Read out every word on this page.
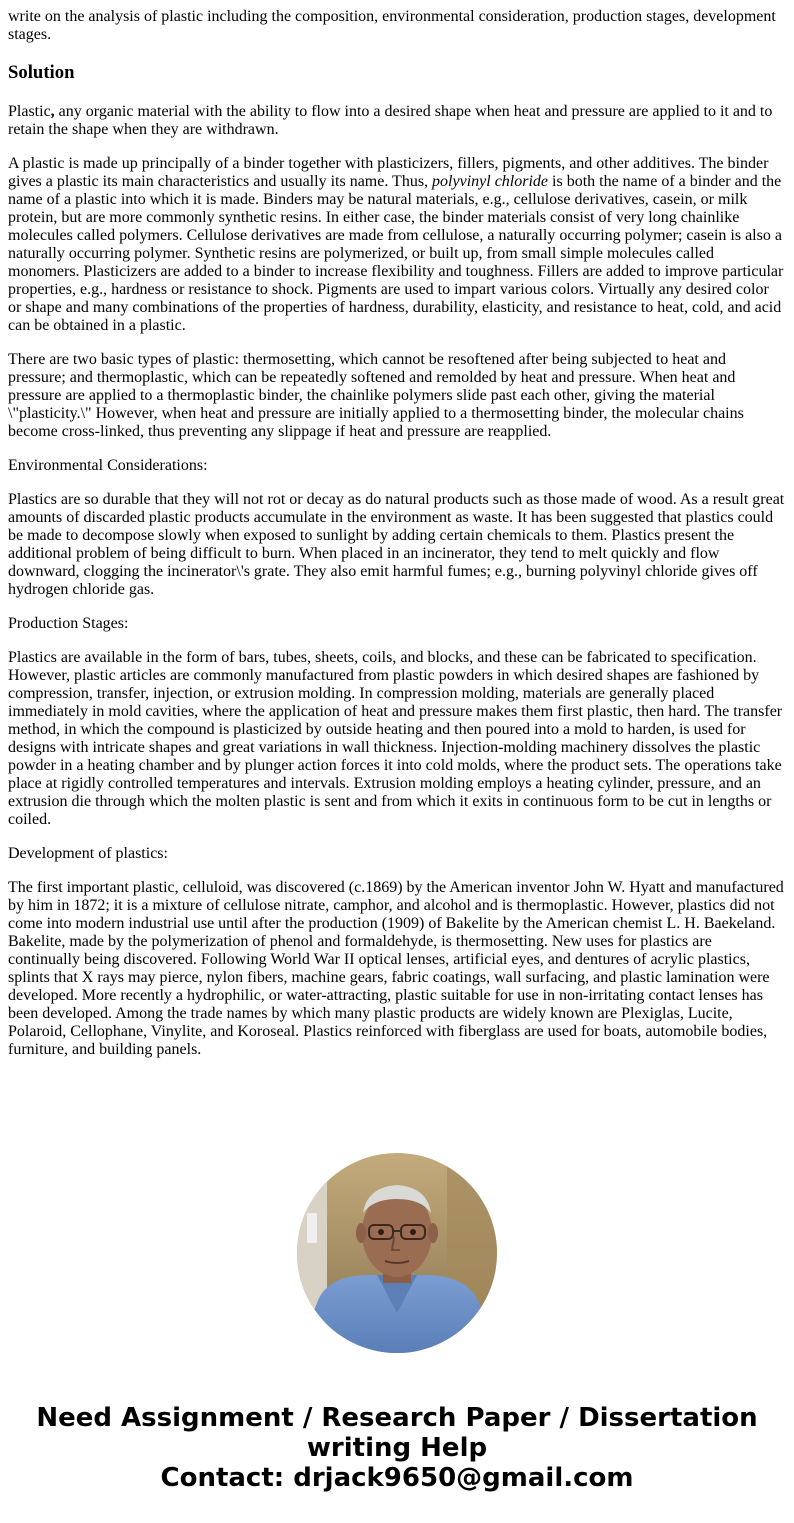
write on the analysis of plastic including the composition, environmental consideration, production stages, development stages.

Solution

Plastic, any organic material with the ability to flow into a desired shape when heat and pressure are applied to it and to retain the shape when they are withdrawn.

A plastic is made up principally of a binder together with plasticizers, fillers, pigments, and other additives. The binder gives a plastic its main characteristics and usually its name. Thus, polyvinyl chloride is both the name of a binder and the name of a plastic into which it is made. Binders may be natural materials, e.g., cellulose derivatives, casein, or milk protein, but are more commonly synthetic resins. In either case, the binder materials consist of very long chainlike molecules called polymers. Cellulose derivatives are made from cellulose, a naturally occurring polymer; casein is also a naturally occurring polymer. Synthetic resins are polymerized, or built up, from small simple molecules called monomers. Plasticizers are added to a binder to increase flexibility and toughness. Fillers are added to improve particular properties, e.g., hardness or resistance to shock. Pigments are used to impart various colors. Virtually any desired color or shape and many combinations of the properties of hardness, durability, elasticity, and resistance to heat, cold, and acid can be obtained in a plastic.

There are two basic types of plastic: thermosetting, which cannot be resoftened after being subjected to heat and pressure; and thermoplastic, which can be repeatedly softened and remolded by heat and pressure. When heat and pressure are applied to a thermoplastic binder, the chainlike polymers slide past each other, giving the material \"plasticity.\" However, when heat and pressure are initially applied to a thermosetting binder, the molecular chains become cross-linked, thus preventing any slippage if heat and pressure are reapplied.

Environmental Considerations:

Plastics are so durable that they will not rot or decay as do natural products such as those made of wood. As a result great amounts of discarded plastic products accumulate in the environment as waste. It has been suggested that plastics could be made to decompose slowly when exposed to sunlight by adding certain chemicals to them. Plastics present the additional problem of being difficult to burn. When placed in an incinerator, they tend to melt quickly and flow downward, clogging the incinerator\'s grate. They also emit harmful fumes; e.g., burning polyvinyl chloride gives off hydrogen chloride gas.

Production Stages:

Plastics are available in the form of bars, tubes, sheets, coils, and blocks, and these can be fabricated to specification. However, plastic articles are commonly manufactured from plastic powders in which desired shapes are fashioned by compression, transfer, injection, or extrusion molding. In compression molding, materials are generally placed immediately in mold cavities, where the application of heat and pressure makes them first plastic, then hard. The transfer method, in which the compound is plasticized by outside heating and then poured into a mold to harden, is used for designs with intricate shapes and great variations in wall thickness. Injection-molding machinery dissolves the plastic powder in a heating chamber and by plunger action forces it into cold molds, where the product sets. The operations take place at rigidly controlled temperatures and intervals. Extrusion molding employs a heating cylinder, pressure, and an extrusion die through which the molten plastic is sent and from which it exits in continuous form to be cut in lengths or coiled.

Development of plastics:

The first important plastic, celluloid, was discovered (c.1869) by the American inventor John W. Hyatt and manufactured by him in 1872; it is a mixture of cellulose nitrate, camphor, and alcohol and is thermoplastic. However, plastics did not come into modern industrial use until after the production (1909) of Bakelite by the American chemist L. H. Baekeland. Bakelite, made by the polymerization of phenol and formaldehyde, is thermosetting. New uses for plastics are continually being discovered. Following World War II optical lenses, artificial eyes, and dentures of acrylic plastics, splints that X rays may pierce, nylon fibers, machine gears, fabric coatings, wall surfacing, and plastic lamination were developed. More recently a hydrophilic, or water-attracting, plastic suitable for use in non-irritating contact lenses has been developed. Among the trade names by which many plastic products are widely known are Plexiglas, Lucite, Polaroid, Cellophane, Vinylite, and Koroseal. Plastics reinforced with fiberglass are used for boats, automobile bodies, furniture, and building panels.

Need Assignment / Research Paper / Dissertation
writing Help
Contact: drjack9650@gmail.com
